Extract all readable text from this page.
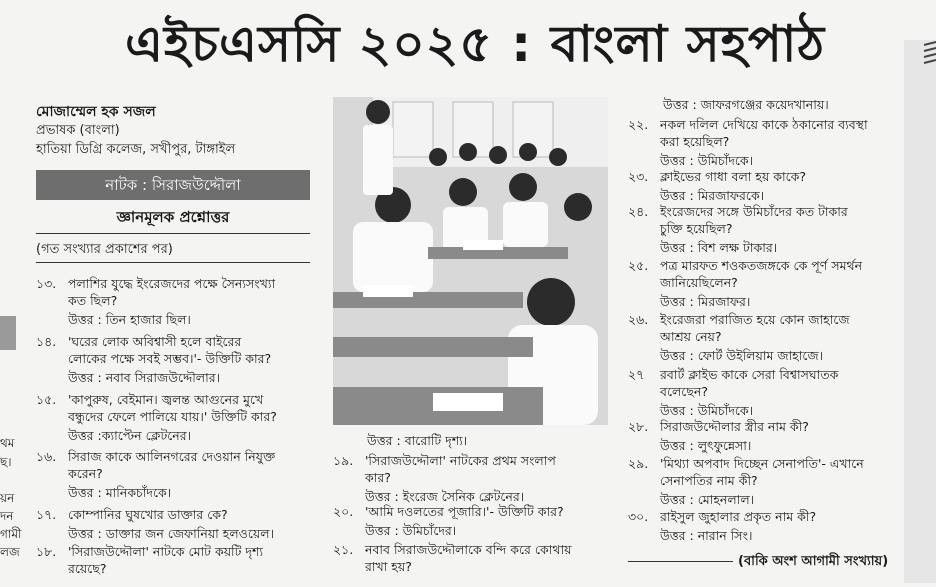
এইচএসসি ২০২৫ : বাংলা সহপাঠ
থম
ছ।
য়ন
দন
গামী
লজ
মোজাম্মেল হক সজল
প্রভাষক (বাংলা)
হাতিয়া ডিগ্রি কলেজ, সখীপুর, টাঙ্গাইল
নাটক : সিরাজউদ্দৌলা
জ্ঞানমূলক প্রশ্নোত্তর
(গত সংখ্যার প্রকাশের পর)
১৩. পলাশির যুদ্ধে ইংরেজদের পক্ষে সৈন্যসংখ্যা
কত ছিল?
উত্তর : তিন হাজার ছিল।
১৪. 'ঘরের লোক অবিশ্বাসী হলে বাইরের
লোকের পক্ষে সবই সম্ভব।'- উক্তিটি কার?
উত্তর : নবাব সিরাজউদ্দৌলার।
১৫. 'কাপুরুষ, বেইমান। জ্বলন্ত আগুনের মুখে
বন্ধুদের ফেলে পালিয়ে যায়।' উক্তিটি কার?
উত্তর :ক্যাপ্টেন ক্লেটনের।
১৬. সিরাজ কাকে আলিনগরের দেওয়ান নিযুক্ত
করেন?
উত্তর : মানিকচাঁদকে।
১৭. কোম্পানির ঘুষখোর ডাক্তার কে?
উত্তর : ডাক্তার জন জেফানিয়া হলওয়েল।
১৮. 'সিরাজউদ্দৌলা' নাটকে মোট কয়টি দৃশ্য
রয়েছে?
উত্তর : বারোটি দৃশ্য।
১৯. 'সিরাজউদ্দৌলা' নাটকের প্রথম সংলাপ
কার?
উত্তর : ইংরেজ সৈনিক ক্লেটনের।
২০. 'আমি দওলতের পূজারি।'- উক্তিটি কার?
উত্তর : উমিচাঁদের।
২১. নবাব সিরাজউদ্দৌলাকে বন্দি করে কোথায়
রাখা হয়?
উত্তর : জাফরগঞ্জের কয়েদখানায়।
২২. নকল দলিল দেখিয়ে কাকে ঠকানোর ব্যবস্থা
করা হয়েছিল?
উত্তর : উমিচাঁদকে।
২৩. ক্লাইভের গাধা বলা হয় কাকে?
উত্তর : মিরজাফরকে।
২৪. ইংরেজদের সঙ্গে উমিচাঁদের কত টাকার
চুক্তি হয়েছিল?
উত্তর : বিশ লক্ষ টাকার।
২৫. পত্র মারফত শওকতজঙ্গকে কে পূর্ণ সমর্থন
জানিয়েছিলেন?
উত্তর : মিরজাফর।
২৬. ইংরেজরা পরাজিত হয়ে কোন জাহাজে
আশ্রয় নেয়?
উত্তর : ফোর্ট উইলিয়াম জাহাজে।
২৭	রবার্ট ক্লাইভ কাকে সেরা বিশ্বাসঘাতক
বলেছেন?
উত্তর : উমিচাঁদকে।
২৮. সিরাজউদ্দৌলার স্ত্রীর নাম কী?
উত্তর : লুৎফুন্নেসা।
২৯. 'মিথ্যা অপবাদ দিচ্ছেন সেনাপতি'- এখানে
সেনাপতির নাম কী?
উত্তর : মোহনলাল।
৩০. রাইসুল জুহালার প্রকৃত নাম কী?
উত্তর : নারান সিং।
(বাকি অংশ আগামী সংখ্যায়)
